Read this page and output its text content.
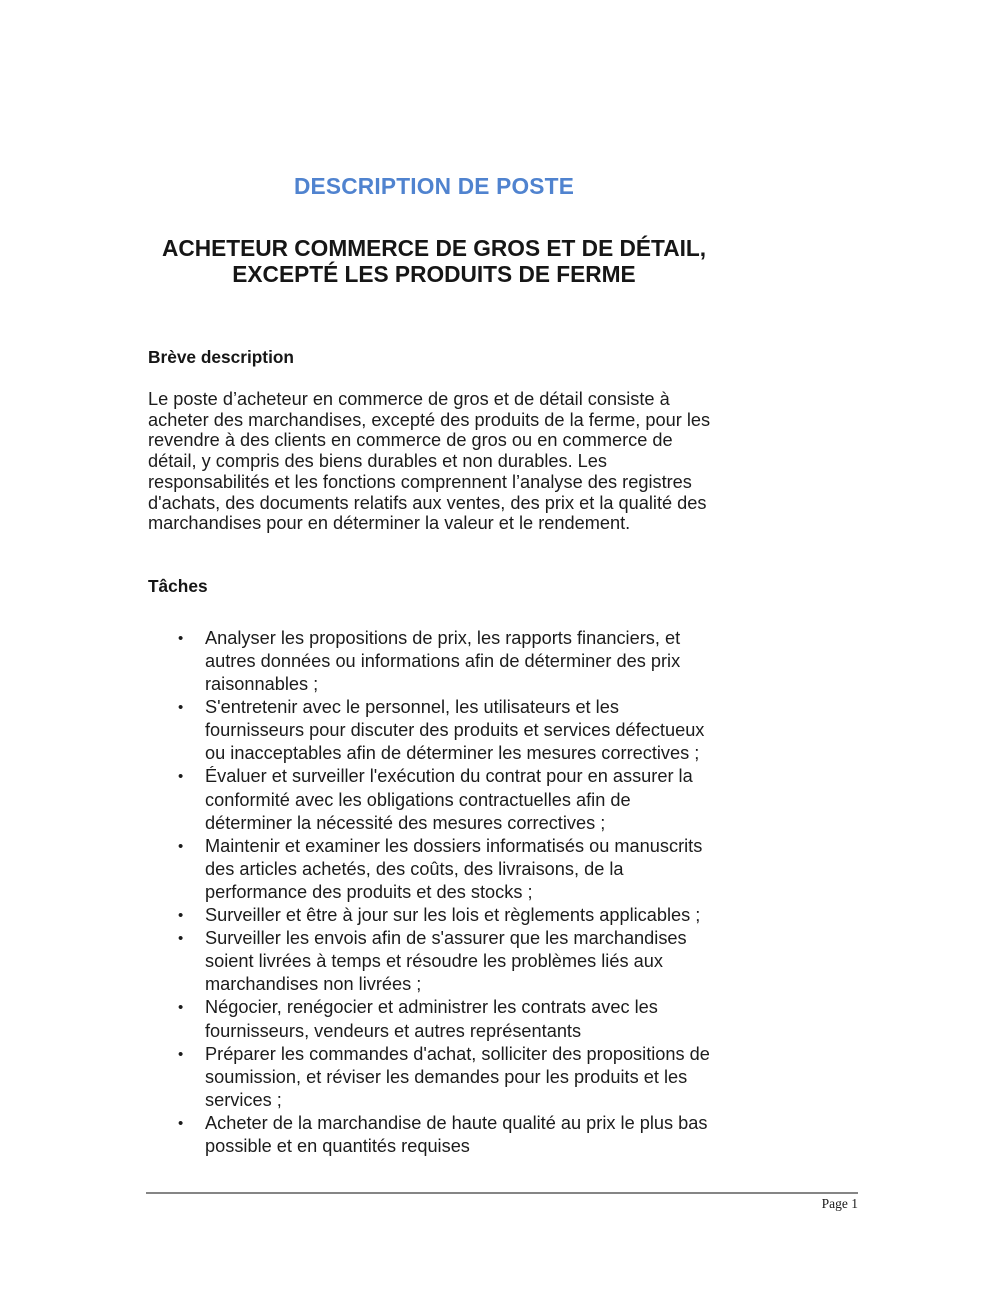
DESCRIPTION DE POSTE
ACHETEUR COMMERCE DE GROS ET DE DÉTAIL,
EXCEPTÉ LES PRODUITS DE FERME
Brève description

Le poste d’acheteur en commerce de gros et de détail consiste à acheter des marchandises, excepté des produits de la ferme, pour les revendre à des clients en commerce de gros ou en commerce de détail, y compris des biens durables et non durables. Les responsabilités et les fonctions comprennent l’analyse des registres d'achats, des documents relatifs aux ventes, des prix et la qualité des marchandises pour en déterminer la valeur et le rendement.

Tâches
•	Analyser les propositions de prix, les rapports financiers, et autres données ou informations afin de déterminer des prix raisonnables ;
•	S'entretenir avec le personnel, les utilisateurs et les fournisseurs pour discuter des produits et services défectueux ou inacceptables afin de déterminer les mesures correctives ;
•	Évaluer et surveiller l'exécution du contrat pour en assurer la conformité avec les obligations contractuelles afin de déterminer la nécessité des mesures correctives ;
•	Maintenir et examiner les dossiers informatisés ou manuscrits des articles achetés, des coûts, des livraisons, de la performance des produits et des stocks ;
•	Surveiller et être à jour sur les lois et règlements applicables ;
•	Surveiller les envois afin de s'assurer que les marchandises soient livrées à temps et résoudre les problèmes liés aux marchandises non livrées ;
•	Négocier, renégocier et administrer les contrats avec les fournisseurs, vendeurs et autres représentants
•	Préparer les commandes d'achat, solliciter des propositions de soumission, et réviser les demandes pour les produits et les services ;
•	Acheter de la marchandise de haute qualité au prix le plus bas possible et en quantités requises
Page 1
